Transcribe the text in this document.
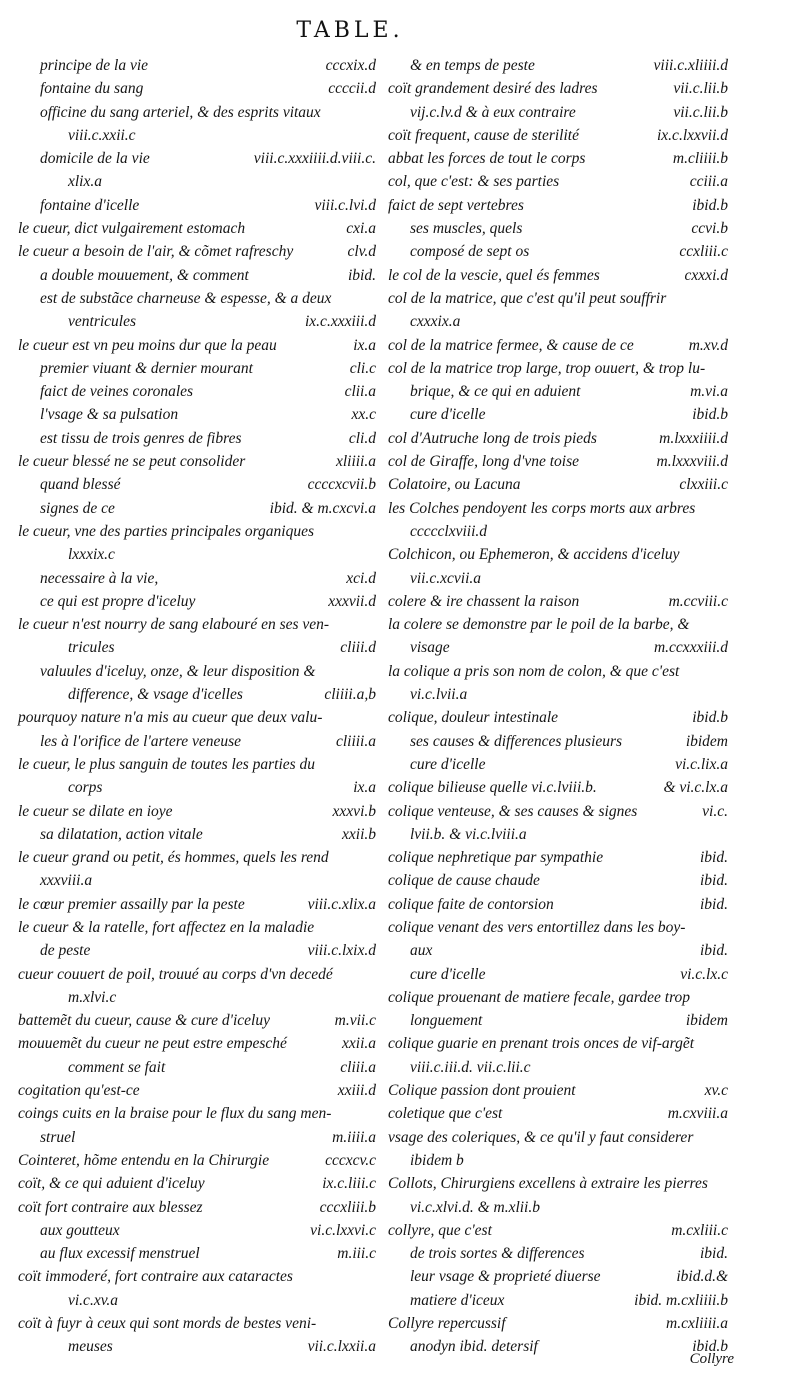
TABLE.
principe de la vie	cccxix.d
fontaine du sang	ccccii.d
officine du sang arteriel, & des esprits vitaux
viii.c.xxii.c
domicile de la vie	viii.c.xxxiiii.d.viii.c.
xlix.a
fontaine d'icelle	viii.c.lvi.d
le cueur, dict vulgairement estomach	cxi.a
le cueur a besoin de l'air, & cõmet rafreschy	clv.d
a double mouuement, & comment	ibid.
est de substãce charneuse & espesse, & a deux
ventricules	ix.c.xxxiii.d
le cueur est vn peu moins dur que la peau	ix.a
premier viuant & dernier mourant	cli.c
faict de veines coronales	clii.a
l'vsage & sa pulsation	xx.c
est tissu de trois genres de fibres	cli.d
le cueur blessé ne se peut consolider	xliiii.a
quand blessé	ccccxcvii.b
signes de ce	ibid. & m.cxcvi.a
le cueur, vne des parties principales organiques
lxxxix.c
necessaire à la vie,	xci.d
ce qui est propre d'iceluy	xxxvii.d
le cueur n'est nourry de sang elabouré en ses ven-
tricules	cliii.d
valuules d'iceluy, onze, & leur disposition &
difference, & vsage d'icelles	cliiii.a,b
pourquoy nature n'a mis au cueur que deux valu-
les à l'orifice de l'artere veneuse	cliiii.a
le cueur, le plus sanguin de toutes les parties du
corps	ix.a
le cueur se dilate en ioye	xxxvi.b
sa dilatation, action vitale	xxii.b
le cueur grand ou petit, és hommes, quels les rend
xxxviii.a
le cœur premier assailly par la peste	viii.c.xlix.a
le cueur & la ratelle, fort affectez en la maladie
de peste	viii.c.lxix.d
cueur couuert de poil, trouué au corps d'vn decedé
m.xlvi.c
battemẽt du cueur, cause & cure d'iceluy	m.vii.c
mouuemẽt du cueur ne peut estre empesché	xxii.a
comment se fait	cliii.a
cogitation qu'est-ce	xxiii.d
coings cuits en la braise pour le flux du sang men-
struel	m.iiii.a
Cointeret, hõme entendu en la Chirurgie	cccxcv.c
coït, & ce qui aduient d'iceluy	ix.c.liii.c
coït fort contraire aux blessez	cccxliii.b
aux goutteux	vi.c.lxxvi.c
au flux excessif menstruel	m.iii.c
coït immoderé, fort contraire aux cataractes
vi.c.xv.a
coït à fuyr à ceux qui sont mords de bestes veni-
meuses	vii.c.lxxii.a
& en temps de peste	viii.c.xliiii.d
coït grandement desiré des ladres	vii.c.lii.b
vij.c.lv.d & à eux contraire	vii.c.lii.b
coït frequent, cause de sterilité	ix.c.lxxvii.d
abbat les forces de tout le corps	m.cliiii.b
col, que c'est: & ses parties	cciii.a
faict de sept vertebres	ibid.b
ses muscles, quels	ccvi.b
composé de sept os	ccxliii.c
le col de la vescie, quel és femmes	cxxxi.d
col de la matrice, que c'est qu'il peut souffrir
cxxxix.a
col de la matrice fermee, & cause de ce	m.xv.d
col de la matrice trop large, trop ouuert, & trop lu-
brique, & ce qui en aduient	m.vi.a
cure d'icelle	ibid.b
col d'Autruche long de trois pieds	m.lxxxiiii.d
col de Giraffe, long d'vne toise	m.lxxxviii.d
Colatoire, ou Lacuna	clxxiii.c
les Colches pendoyent les corps morts aux arbres
ccccclxviii.d
Colchicon, ou Ephemeron, & accidens d'iceluy
vii.c.xcvii.a
colere & ire chassent la raison	m.ccviii.c
la colere se demonstre par le poil de la barbe, &
visage	m.ccxxxiii.d
la colique a pris son nom de colon, & que c'est
vi.c.lvii.a
colique, douleur intestinale	ibid.b
ses causes & differences plusieurs	ibidem
cure d'icelle	vi.c.lix.a
colique bilieuse quelle vi.c.lviii.b.	& vi.c.lx.a
colique venteuse, & ses causes & signes	vi.c.
lvii.b. & vi.c.lviii.a
colique nephretique par sympathie	ibid.
colique de cause chaude	ibid.
colique faite de contorsion	ibid.
colique venant des vers entortillez dans les boy-
aux	ibid.
cure d'icelle	vi.c.lx.c
colique prouenant de matiere fecale, gardee trop
longuement	ibidem
colique guarie en prenant trois onces de vif-argẽt
viii.c.iii.d. vii.c.lii.c
Colique passion dont prouient	xv.c
coletique que c'est	m.cxviii.a
vsage des coleriques, & ce qu'il y faut considerer
ibidem b
Collots, Chirurgiens excellens à extraire les pierres
vi.c.xlvi.d. & m.xlii.b
collyre, que c'est	m.cxliii.c
de trois sortes & differences	ibid.
leur vsage & proprieté diuerse	ibid.d.&
matiere d'iceux	ibid. m.cxliiii.b
Collyre repercussif	m.cxliiii.a
anodyn ibid. detersif	ibid.b
Collyre
